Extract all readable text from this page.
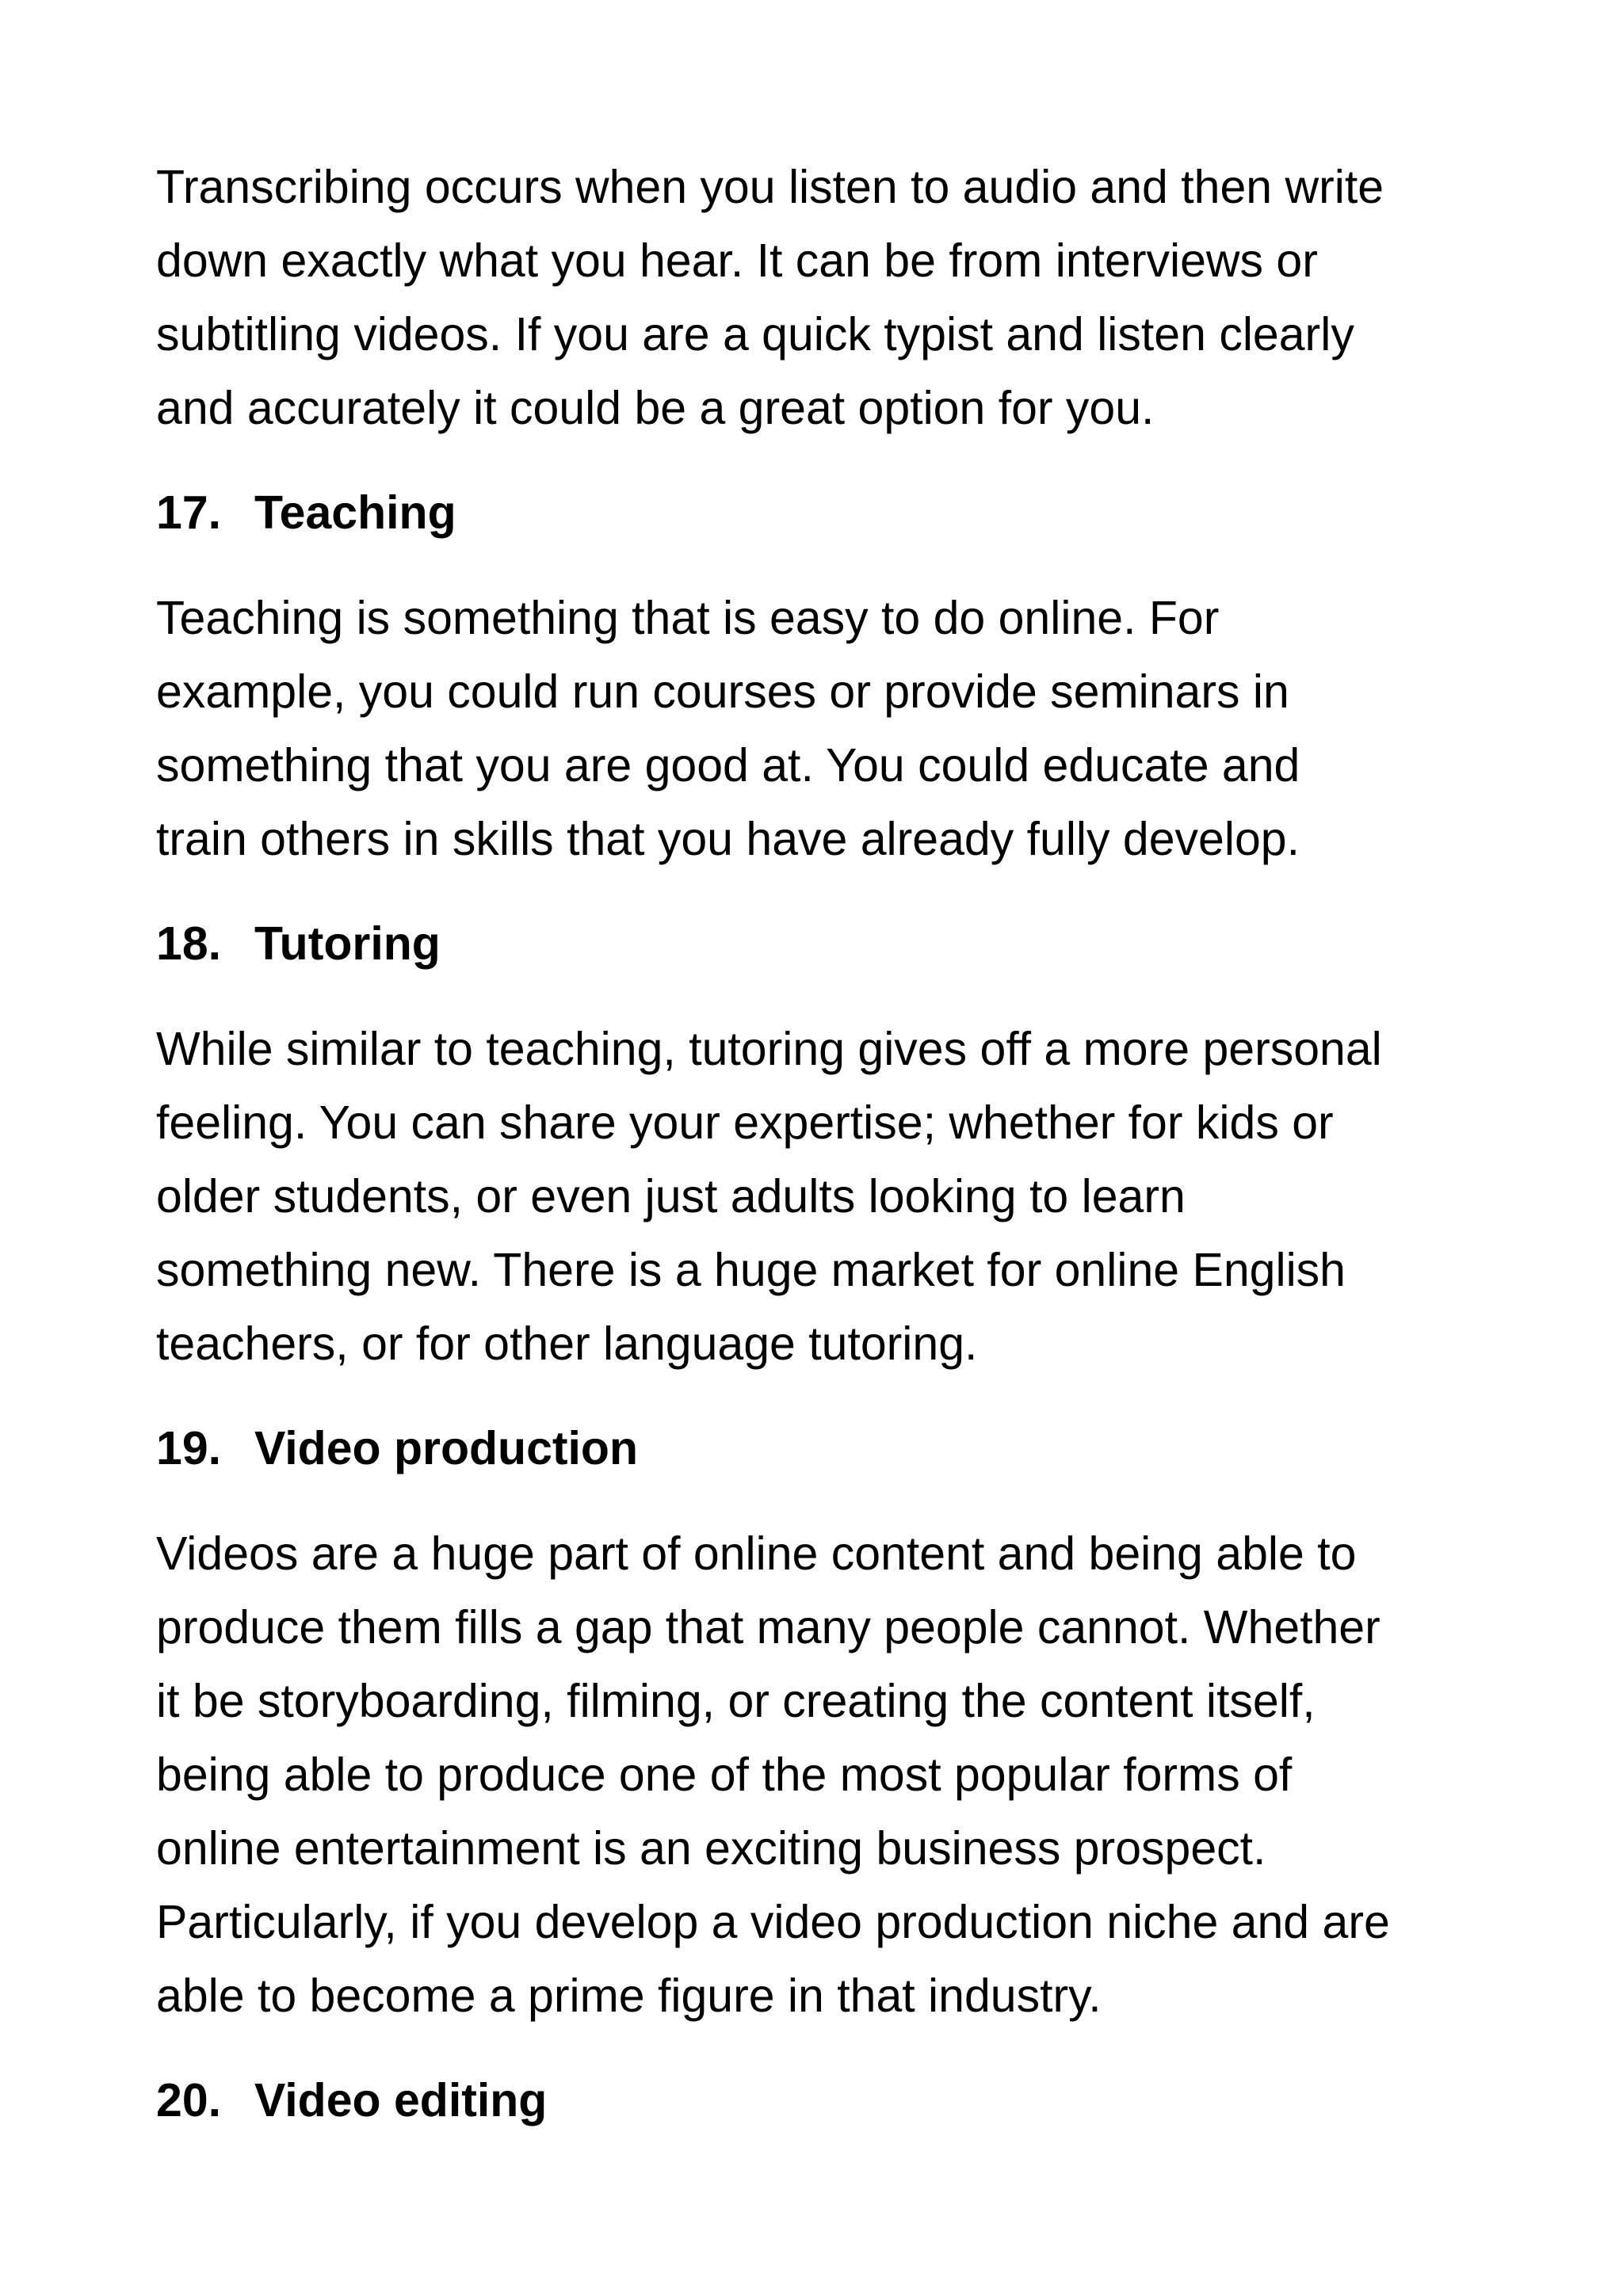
Transcribing occurs when you listen to audio and then write
down exactly what you hear. It can be from interviews or
subtitling videos. If you are a quick typist and listen clearly
and accurately it could be a great option for you.

17. Teaching

Teaching is something that is easy to do online. For
example, you could run courses or provide seminars in
something that you are good at. You could educate and
train others in skills that you have already fully develop.

18. Tutoring

While similar to teaching, tutoring gives off a more personal
feeling. You can share your expertise; whether for kids or
older students, or even just adults looking to learn
something new. There is a huge market for online English
teachers, or for other language tutoring.

19. Video production

Videos are a huge part of online content and being able to
produce them fills a gap that many people cannot. Whether
it be storyboarding, filming, or creating the content itself,
being able to produce one of the most popular forms of
online entertainment is an exciting business prospect.
Particularly, if you develop a video production niche and are
able to become a prime figure in that industry.

20. Video editing
